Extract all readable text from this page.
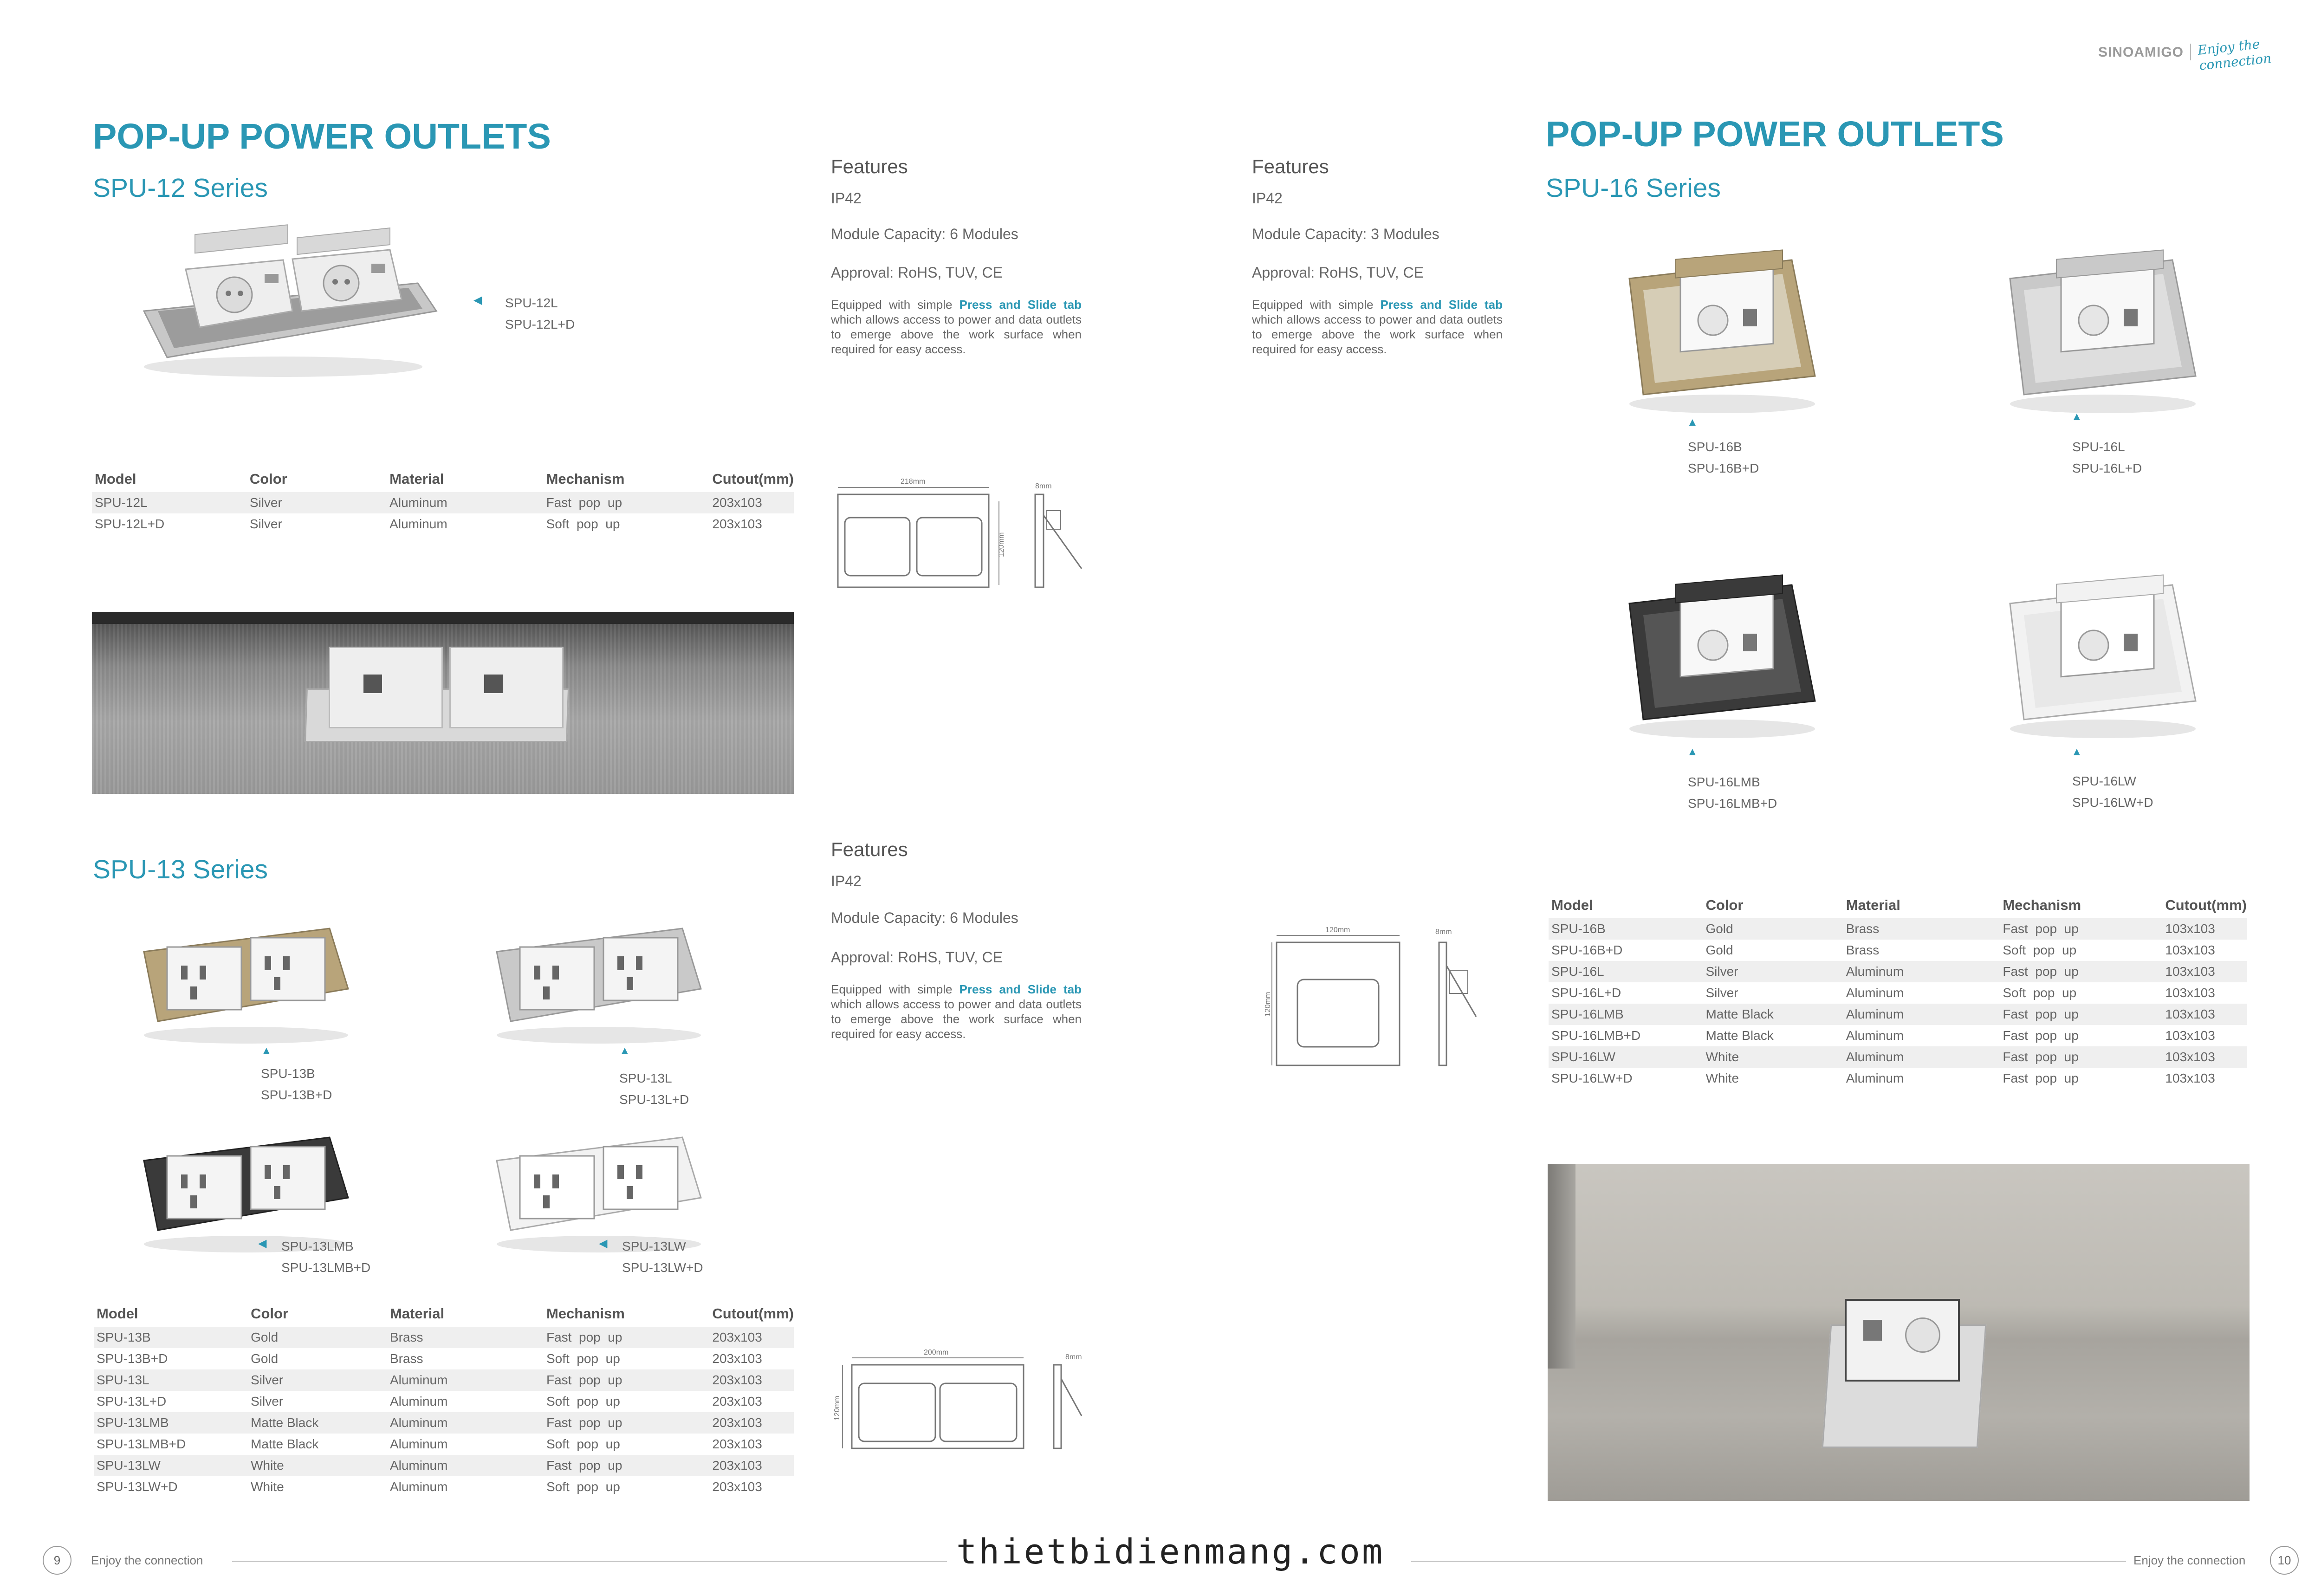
SINOAMIGO Enjoy the connection
POP-UP POWER OUTLETS
SPU-12 Series
◀ SPU-12L
SPU-12L+D
Features
IP42
Module Capacity: 6 Modules
Approval: RoHS, TUV, CE
Equipped with simple Press and Slide tab which allows access to power and data outlets to emerge above the work surface when required for easy access.
218mm
120mm
8mm
Model	Color	Material	Mechanism	Cutout(mm)
SPU-12L	Silver	Aluminum	Fast  pop  up	203x103
SPU-12L+D	Silver	Aluminum	Soft  pop  up	203x103
SPU-13 Series
▲
SPU-13B
SPU-13B+D
▲
SPU-13L
SPU-13L+D
◀ SPU-13LMB
SPU-13LMB+D
◀ SPU-13LW
SPU-13LW+D
Features
IP42
Module Capacity: 6 Modules
Approval: RoHS, TUV, CE
Equipped with simple Press and Slide tab which allows access to power and data outlets to emerge above the work surface when required for easy access.
200mm
120mm
8mm
Model	Color	Material	Mechanism	Cutout(mm)
SPU-13B	Gold	Brass	Fast  pop  up	203x103
SPU-13B+D	Gold	Brass	Soft  pop  up	203x103
SPU-13L	Silver	Aluminum	Fast  pop  up	203x103
SPU-13L+D	Silver	Aluminum	Soft  pop  up	203x103
SPU-13LMB	Matte Black	Aluminum	Fast  pop  up	203x103
SPU-13LMB+D	Matte Black	Aluminum	Soft  pop  up	203x103
SPU-13LW	White	Aluminum	Fast  pop  up	203x103
SPU-13LW+D	White	Aluminum	Soft  pop  up	203x103
9	Enjoy the connection	thietbidienmang.com
Features
IP42
Module Capacity: 3 Modules
Approval: RoHS, TUV, CE
Equipped with simple Press and Slide tab which allows access to power and data outlets to emerge above the work surface when required for easy access.
120mm
120mm
8mm
POP-UP POWER OUTLETS
SPU-16 Series
▲
SPU-16B
SPU-16B+D
▲
SPU-16L
SPU-16L+D
▲
SPU-16LMB
SPU-16LMB+D
▲
SPU-16LW
SPU-16LW+D
Model	Color	Material	Mechanism	Cutout(mm)
SPU-16B	Gold	Brass	Fast  pop  up	103x103
SPU-16B+D	Gold	Brass	Soft  pop  up	103x103
SPU-16L	Silver	Aluminum	Fast  pop  up	103x103
SPU-16L+D	Silver	Aluminum	Soft  pop  up	103x103
SPU-16LMB	Matte Black	Aluminum	Fast  pop  up	103x103
SPU-16LMB+D	Matte Black	Aluminum	Fast  pop  up	103x103
SPU-16LW	White	Aluminum	Fast  pop  up	103x103
SPU-16LW+D	White	Aluminum	Fast  pop  up	103x103
Enjoy the connection	10
